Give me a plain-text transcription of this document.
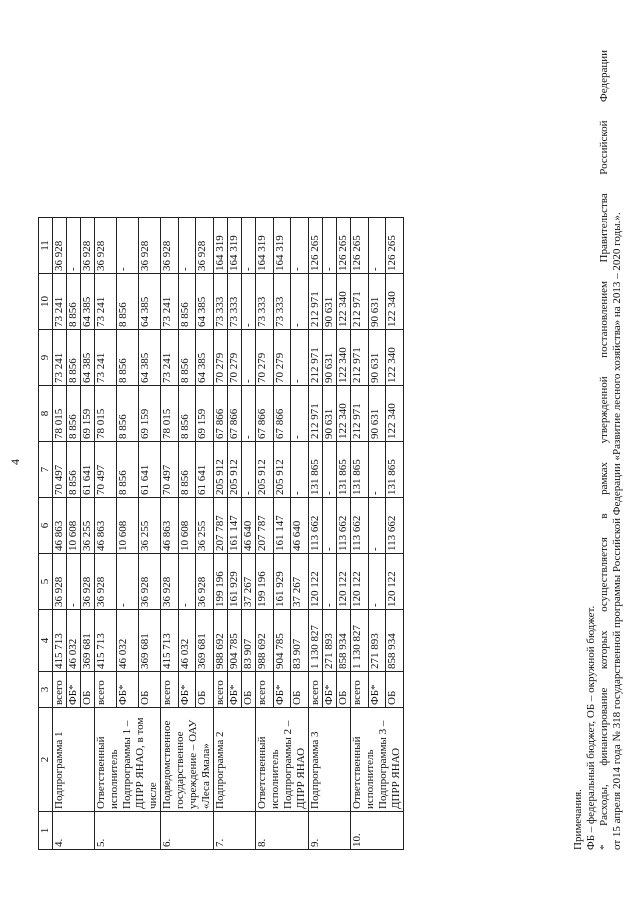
4
1	2	3	4	5	6	7	8	9	10	11
4.	Подпрограмма 1	всего	415 713	36 928	46 863	70 497	78 015	73 241	73 241	36 928
		ФБ*	46 032	-	10 608	8 856	8 856	8 856	8 856	-
		ОБ	369 681	36 928	36 255	61 641	69 159	64 385	64 385	36 928
5.	Ответственный исполнитель Подпрограммы 1 – ДПРР ЯНАО, в том числе	всего	415 713	36 928	46 863	70 497	78 015	73 241	73 241	36 928
		ФБ*	46 032	-	10 608	8 856	8 856	8 856	8 856	-
		ОБ	369 681	36 928	36 255	61 641	69 159	64 385	64 385	36 928
6.	Подведомственное государственное учреждение – ОАУ «Леса Ямала»	всего	415 713	36 928	46 863	70 497	78 015	73 241	73 241	36 928
		ФБ*	46 032	-	10 608	8 856	8 856	8 856	8 856	-
		ОБ	369 681	36 928	36 255	61 641	69 159	64 385	64 385	36 928
7.	Подпрограмма 2	всего	988 692	199 196	207 787	205 912	67 866	70 279	73 333	164 319
		ФБ*	904 785	161 929	161 147	205 912	67 866	70 279	73 333	164 319
		ОБ	83 907	37 267	46 640	-	-	-	-	-
8.	Ответственный исполнитель Подпрограммы 2 – ДПРР ЯНАО	всего	988 692	199 196	207 787	205 912	67 866	70 279	73 333	164 319
		ФБ*	904 785	161 929	161 147	205 912	67 866	70 279	73 333	164 319
		ОБ	83 907	37 267	46 640	-	-	-	-	-
9.	Подпрограмма 3	всего	1 130 827	120 122	113 662	131 865	212 971	212 971	212 971	126 265
		ФБ*	271 893	-	-	-	90 631	90 631	90 631	-
		ОБ	858 934	120 122	113 662	131 865	122 340	122 340	122 340	126 265
10.	Ответственный исполнитель Подпрограммы 3 – ДПРР ЯНАО	всего	1 130 827	120 122	113 662	131 865	212 971	212 971	212 971	126 265
		ФБ*	271 893	-	-	-	90 631	90 631	90 631	-
		ОБ	858 934	120 122	113 662	131 865	122 340	122 340	122 340	126 265

Примечания. ФБ – федеральный бюджет, ОБ – окружной бюджет. * Расходы, финансирование которых осуществляется в рамках утвержденной постановлением Правительства Российской Федерации от 15 апреля 2014 года № 318 государственной программы Российской Федерации «Развитие лесного хозяйства» на 2013 – 2020 годы.».
